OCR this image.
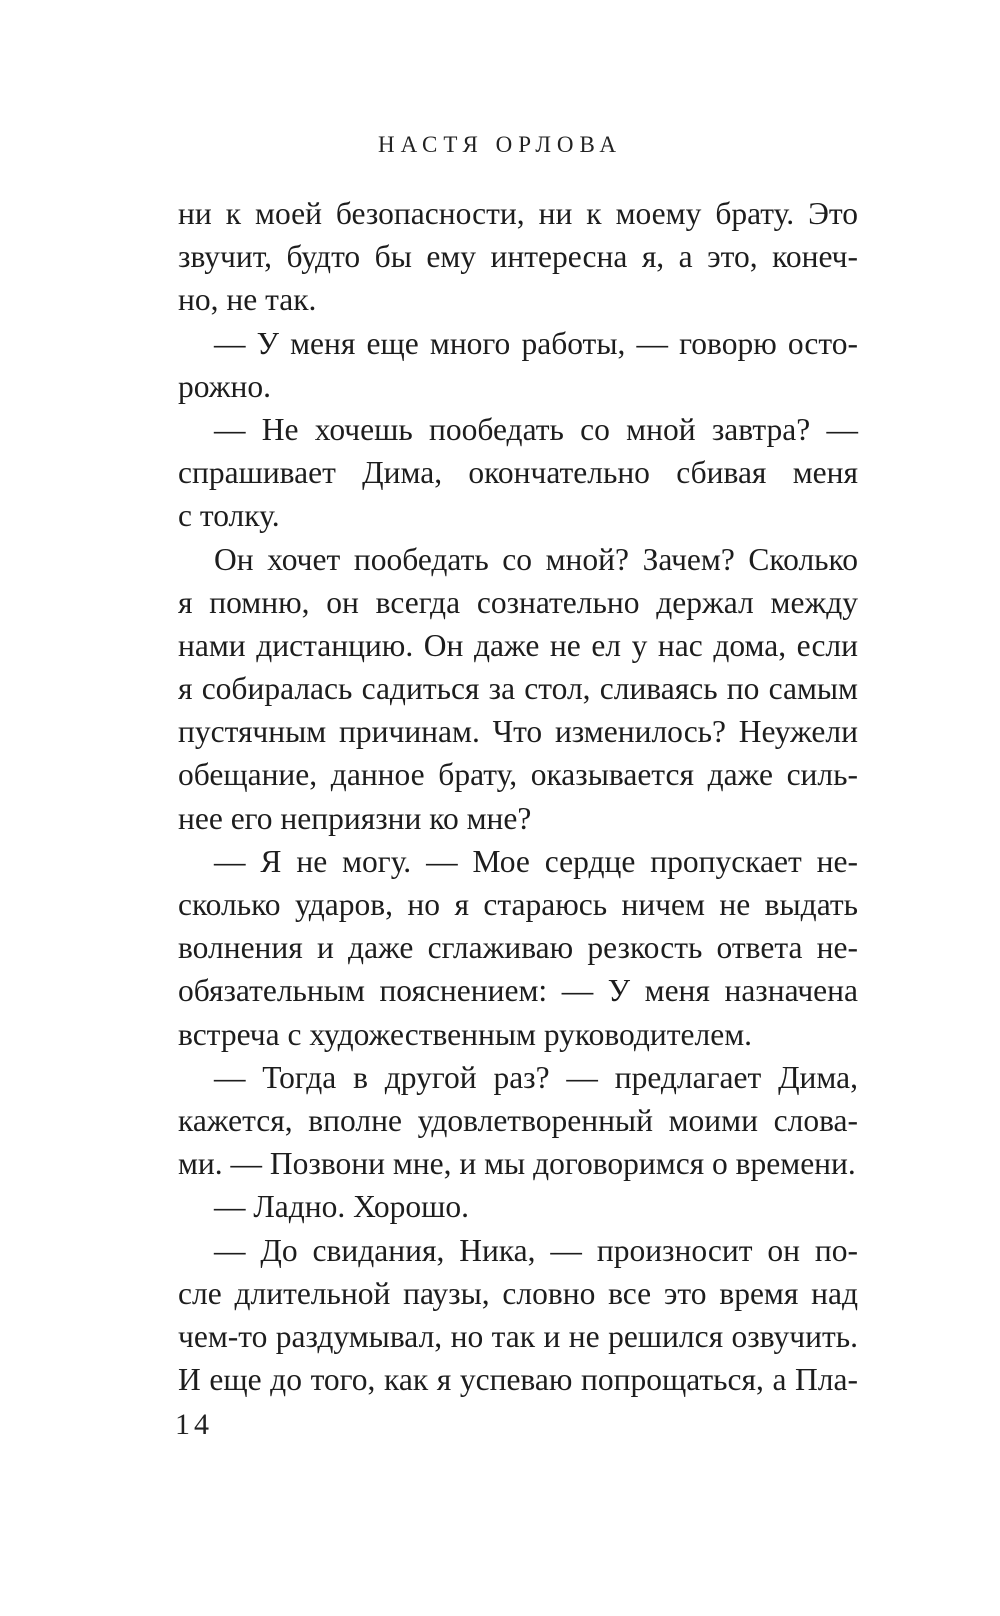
НАСТЯ ОРЛОВА
ни к моей безопасности, ни к моему брату. Это
звучит, будто бы ему интересна я, а это, конеч-
но, не так.
— У меня еще много работы, — говорю осто-
рожно.
— Не хочешь пообедать со мной завтра? —
спрашивает Дима, окончательно сбивая меня
с толку.
Он хочет пообедать со мной? Зачем? Сколько
я помню, он всегда сознательно держал между
нами дистанцию. Он даже не ел у нас дома, если
я собиралась садиться за стол, сливаясь по самым
пустячным причинам. Что изменилось? Неужели
обещание, данное брату, оказывается даже силь-
нее его неприязни ко мне?
— Я не могу. — Мое сердце пропускает не-
сколько ударов, но я стараюсь ничем не выдать
волнения и даже сглаживаю резкость ответа не-
обязательным пояснением: — У меня назначена
встреча с художественным руководителем.
— Тогда в другой раз? — предлагает Дима,
кажется, вполне удовлетворенный моими слова-
ми. — Позвони мне, и мы договоримся о времени.
— Ладно. Хорошо.
— До свидания, Ника, — произносит он по-
сле длительной паузы, словно все это время над
чем-то раздумывал, но так и не решился озвучить.
И еще до того, как я успеваю попрощаться, а Пла-
14
